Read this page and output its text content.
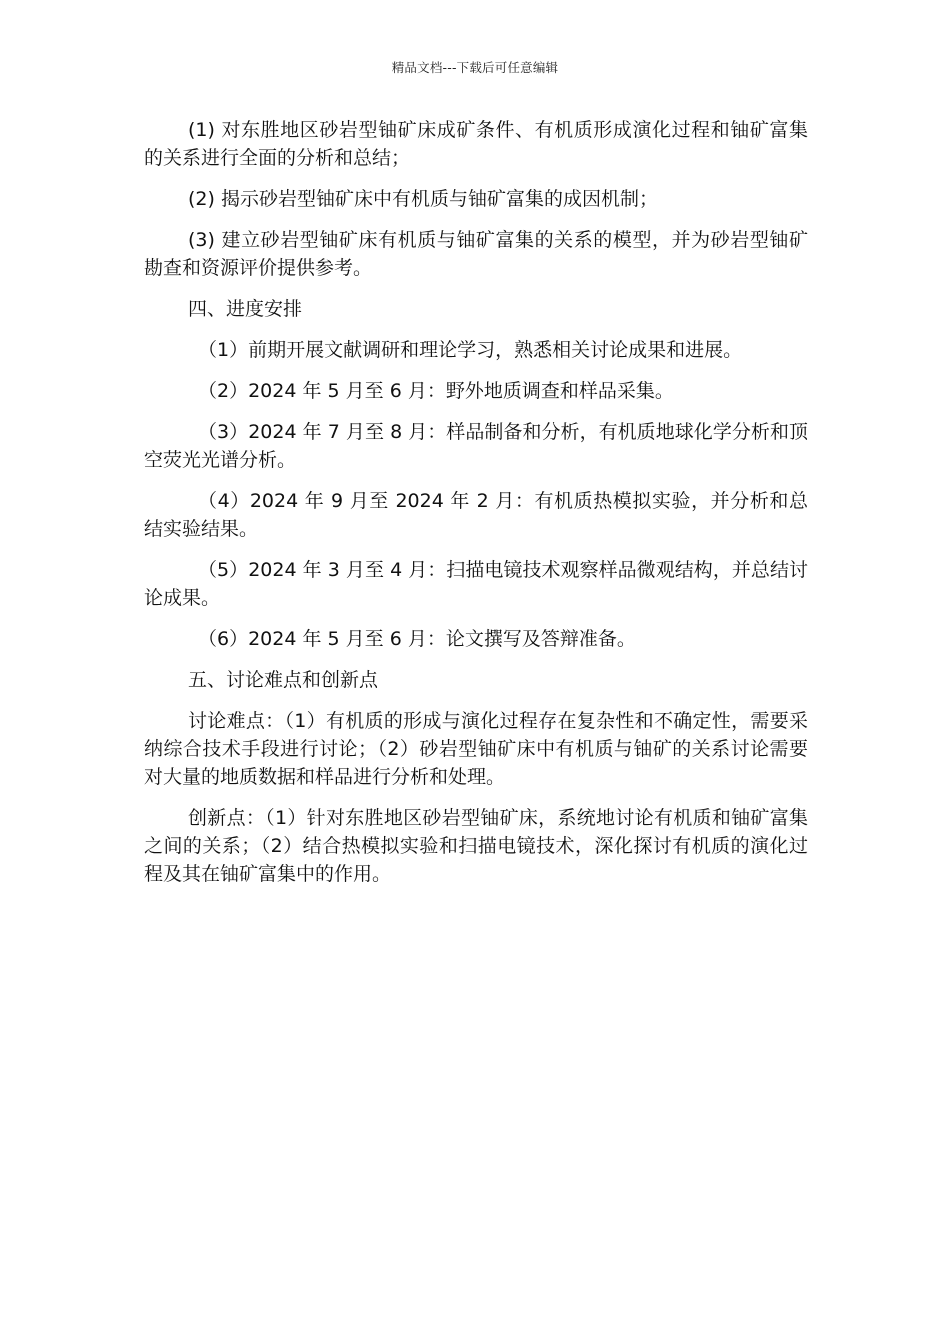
精品文档---下载后可任意编辑

(1) 对东胜地区砂岩型铀矿床成矿条件、有机质形成演化过程和铀矿富集的关系进行全面的分析和总结；

(2) 揭示砂岩型铀矿床中有机质与铀矿富集的成因机制；

(3) 建立砂岩型铀矿床有机质与铀矿富集的关系的模型，并为砂岩型铀矿勘查和资源评价提供参考。

四、进度安排

（1）前期开展文献调研和理论学习，熟悉相关讨论成果和进展。

（2）2024 年 5 月至 6 月：野外地质调查和样品采集。

（3）2024 年 7 月至 8 月：样品制备和分析，有机质地球化学分析和顶空荧光光谱分析。

（4）2024 年 9 月至 2024 年 2 月：有机质热模拟实验，并分析和总结实验结果。

（5）2024 年 3 月至 4 月：扫描电镜技术观察样品微观结构，并总结讨论成果。

（6）2024 年 5 月至 6 月：论文撰写及答辩准备。

五、讨论难点和创新点

讨论难点：（1）有机质的形成与演化过程存在复杂性和不确定性，需要采纳综合技术手段进行讨论；（2）砂岩型铀矿床中有机质与铀矿的关系讨论需要对大量的地质数据和样品进行分析和处理。

创新点：（1）针对东胜地区砂岩型铀矿床，系统地讨论有机质和铀矿富集之间的关系；（2）结合热模拟实验和扫描电镜技术，深化探讨有机质的演化过程及其在铀矿富集中的作用。
